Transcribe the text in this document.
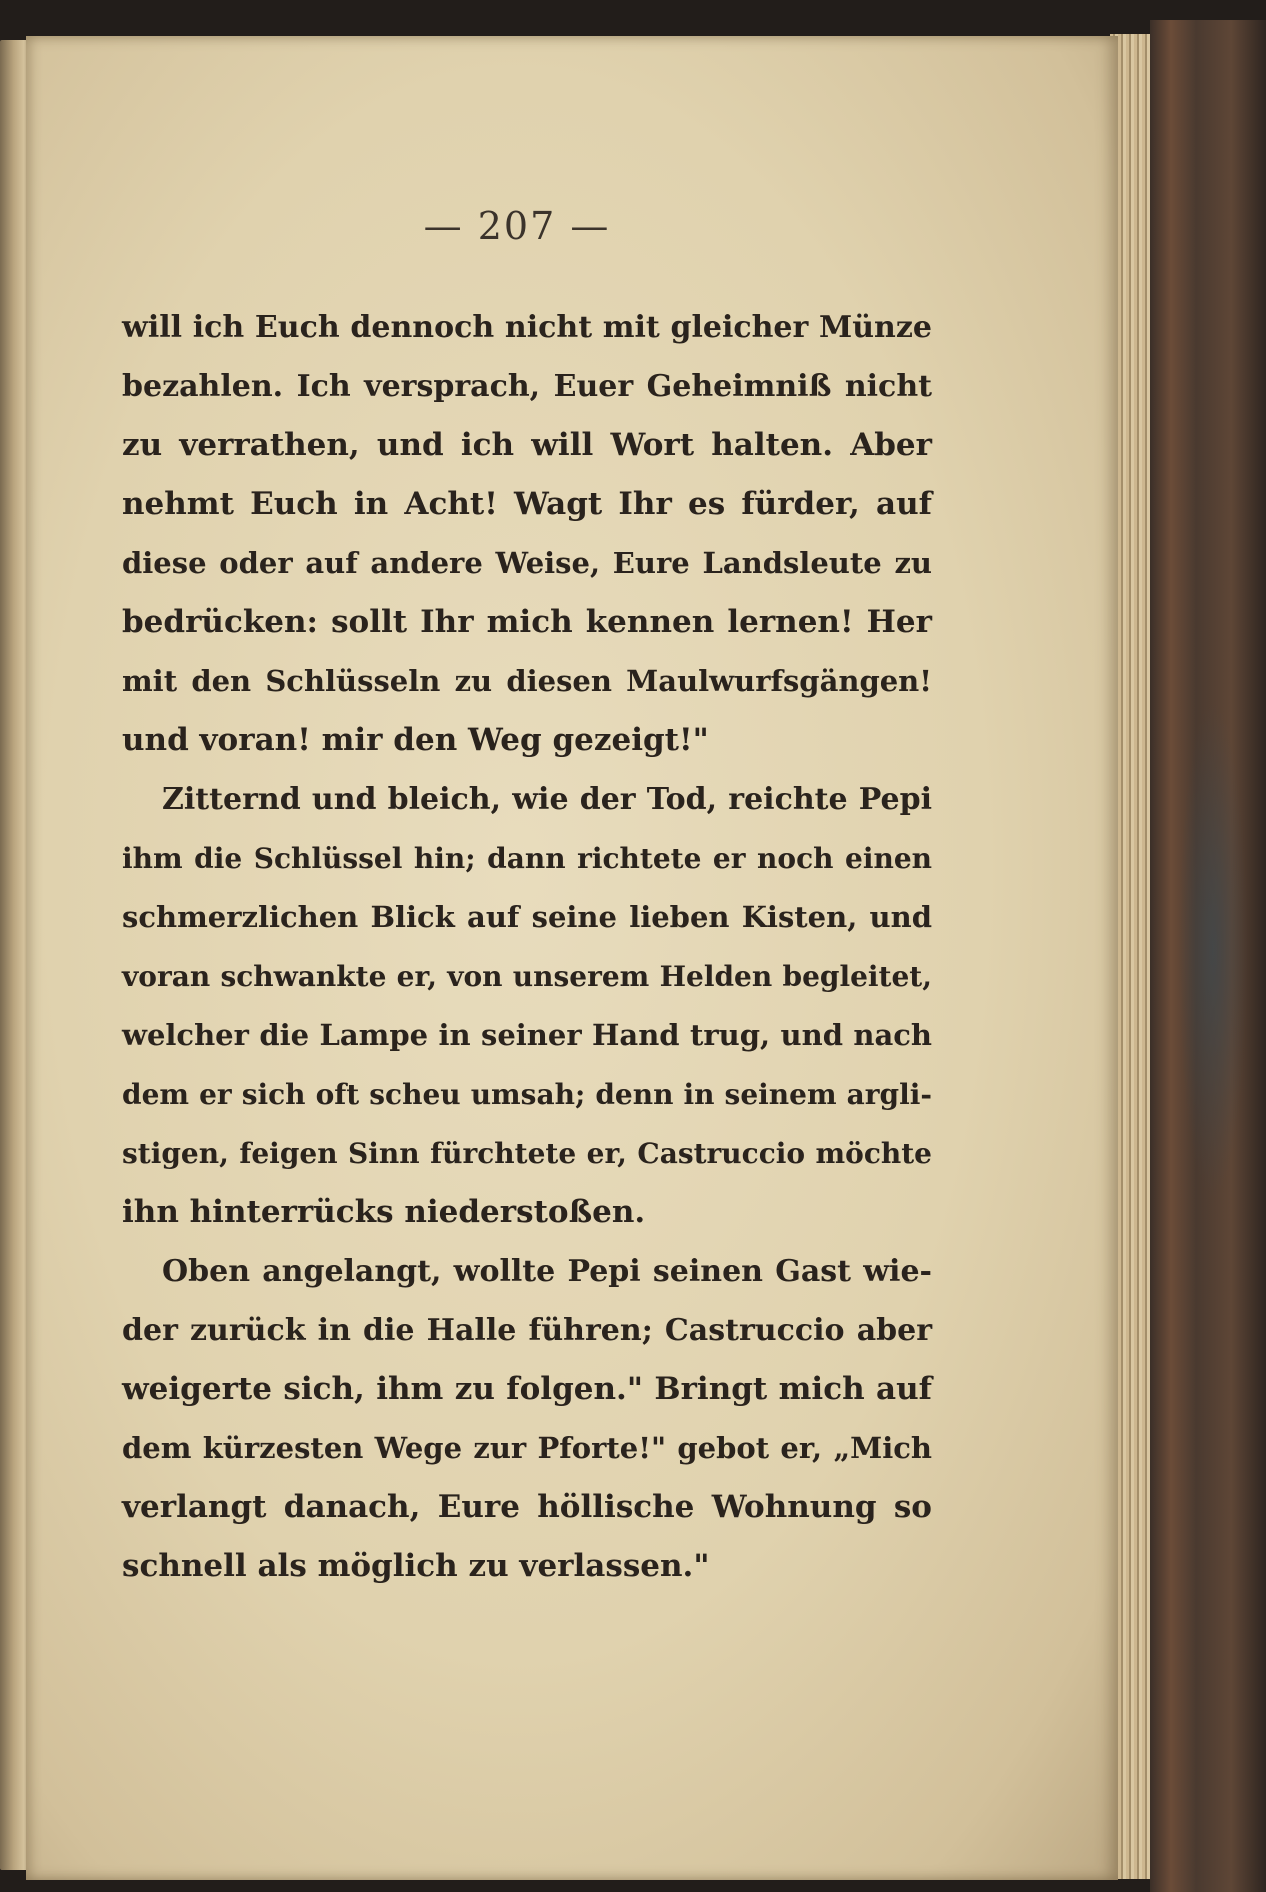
— 207 —
will ich Euch dennoch nicht mit gleicher Münze
bezahlen. Ich versprach, Euer Geheimniß nicht
zu verrathen, und ich will Wort halten. Aber
nehmt Euch in Acht! Wagt Ihr es fürder, auf
diese oder auf andere Weise, Eure Landsleute zu
bedrücken: sollt Ihr mich kennen lernen! Her
mit den Schlüsseln zu diesen Maulwurfsgängen!
und voran! mir den Weg gezeigt!"
Zitternd und bleich, wie der Tod, reichte Pepi
ihm die Schlüssel hin; dann richtete er noch einen
schmerzlichen Blick auf seine lieben Kisten, und
voran schwankte er, von unserem Helden begleitet,
welcher die Lampe in seiner Hand trug, und nach
dem er sich oft scheu umsah; denn in seinem argli-
stigen, feigen Sinn fürchtete er, Castruccio möchte
ihn hinterrücks niederstoßen.
Oben angelangt, wollte Pepi seinen Gast wie-
der zurück in die Halle führen; Castruccio aber
weigerte sich, ihm zu folgen." Bringt mich auf
dem kürzesten Wege zur Pforte!" gebot er, „Mich
verlangt danach, Eure höllische Wohnung so
schnell als möglich zu verlassen."
